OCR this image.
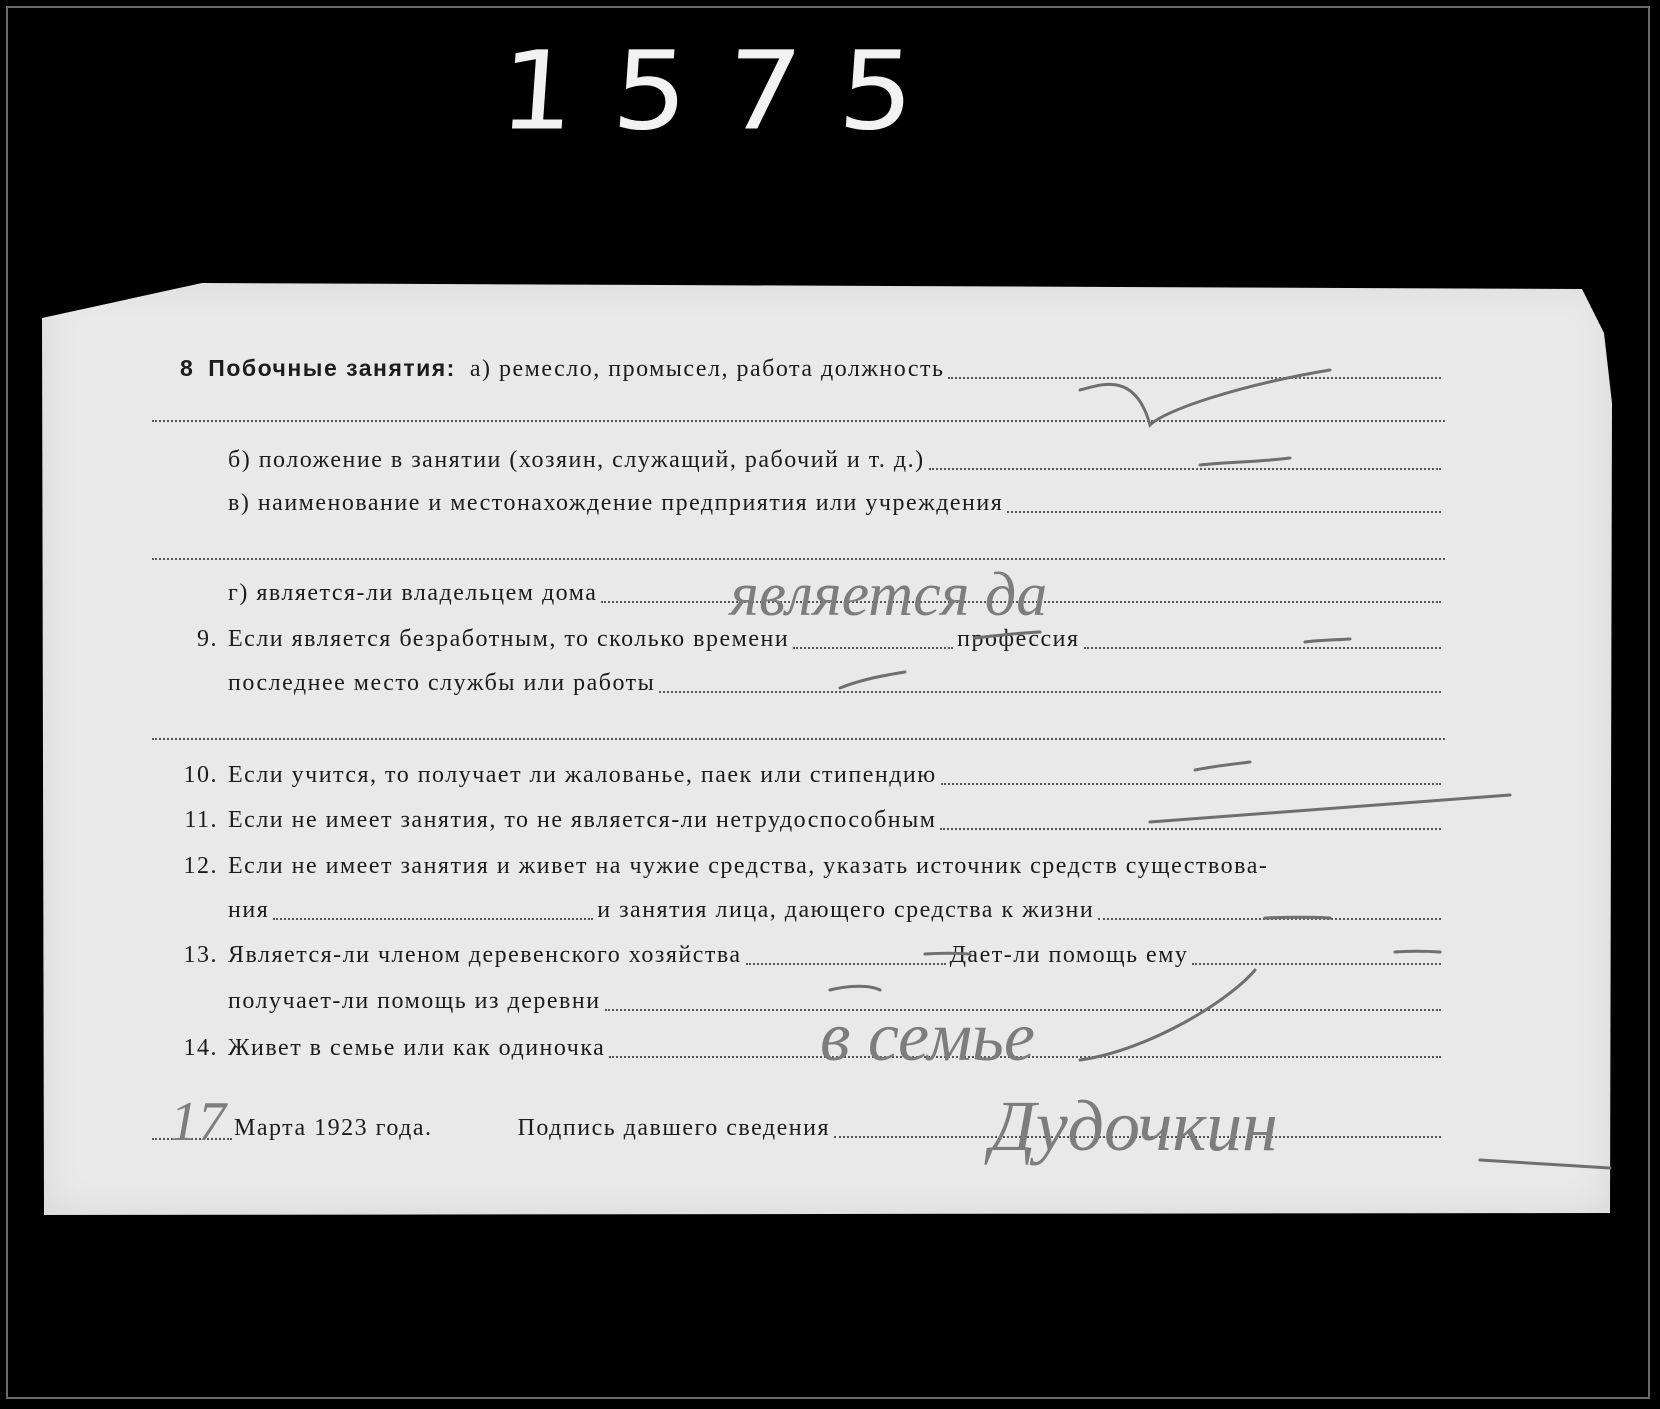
1575
8 Побочные занятия: а) ремесло, промысел, работа должность
б) положение в занятии (хозяин, служащий, рабочий и т. д.)
в) наименование и местонахождение предприятия или учреждения
г) является-ли владельцем дома
9. Если является безработным, то сколько времени	профессия
последнее место службы или работы
10. Если учится, то получает ли жалованье, паек или стипендию
11. Если не имеет занятия, то не является-ли нетрудоспособным
12. Если не имеет занятия и живет на чужие средства, указать источник средств существова-
ния	и занятия лица, дающего средства к жизни
13. Является-ли членом деревенского хозяйства	Дает-ли помощь ему
получает-ли помощь из деревни
14. Живет в семье или как одиночка
Марта 1923 года.	Подпись давшего сведения
является да
в семье
17	Дудочкин
